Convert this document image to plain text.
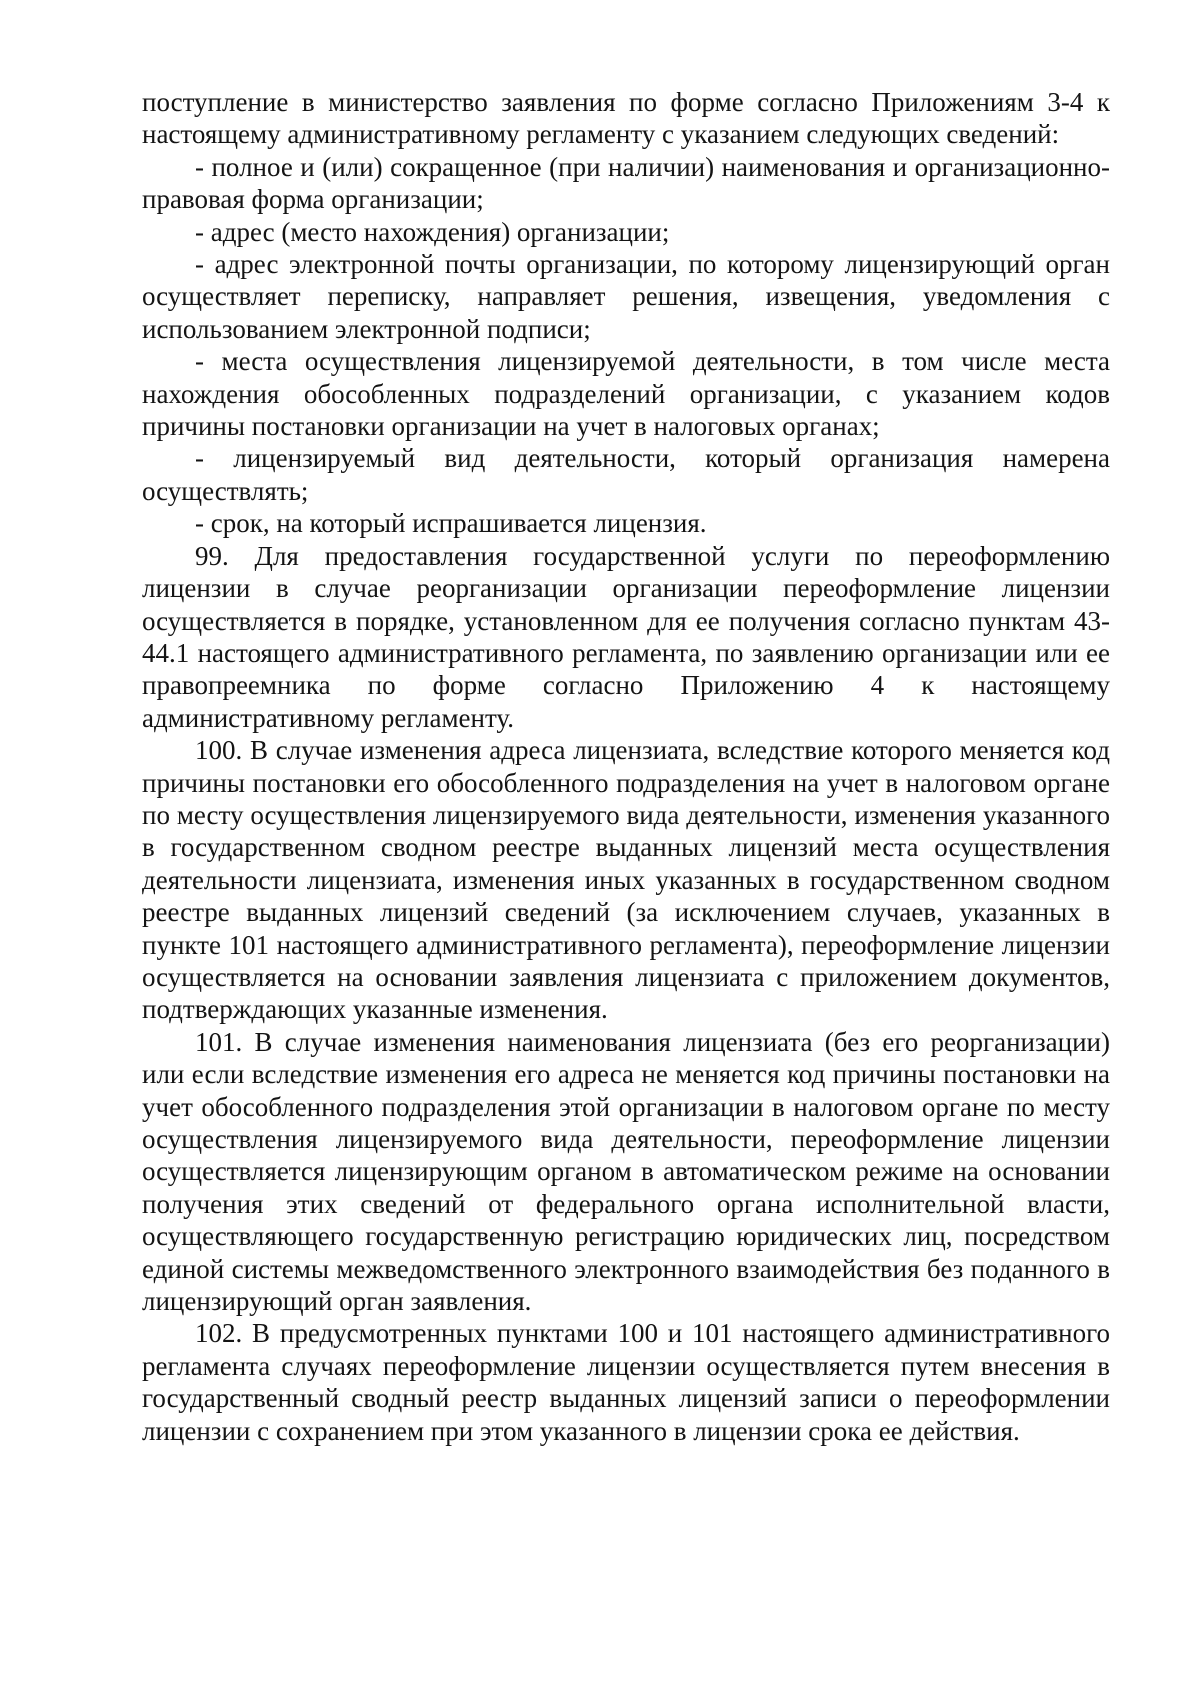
поступление в министерство заявления по форме согласно Приложениям 3-4 к настоящему административному регламенту с указанием следующих сведений:

- полное и (или) сокращенное (при наличии) наименования и организационно-правовая форма организации;

- адрес (место нахождения) организации;

- адрес электронной почты организации, по которому лицензирующий орган осуществляет переписку, направляет решения, извещения, уведомления с использованием электронной подписи;

- места осуществления лицензируемой деятельности, в том числе места нахождения обособленных подразделений организации, с указанием кодов причины постановки организации на учет в налоговых органах;

- лицензируемый вид деятельности, который организация намерена осуществлять;

- срок, на который испрашивается лицензия.

99. Для предоставления государственной услуги по переоформлению лицензии в случае реорганизации организации переоформление лицензии осуществляется в порядке, установленном для ее получения согласно пунктам 43-44.1 настоящего административного регламента, по заявлению организации или ее правопреемника по форме согласно Приложению 4 к настоящему административному регламенту.

100. В случае изменения адреса лицензиата, вследствие которого меняется код причины постановки его обособленного подразделения на учет в налоговом органе по месту осуществления лицензируемого вида деятельности, изменения указанного в государственном сводном реестре выданных лицензий места осуществления деятельности лицензиата, изменения иных указанных в государственном сводном реестре выданных лицензий сведений (за исключением случаев, указанных в пункте 101 настоящего административного регламента), переоформление лицензии осуществляется на основании заявления лицензиата с приложением документов, подтверждающих указанные изменения.

101. В случае изменения наименования лицензиата (без его реорганизации) или если вследствие изменения его адреса не меняется код причины постановки на учет обособленного подразделения этой организации в налоговом органе по месту осуществления лицензируемого вида деятельности, переоформление лицензии осуществляется лицензирующим органом в автоматическом режиме на основании получения этих сведений от федерального органа исполнительной власти, осуществляющего государственную регистрацию юридических лиц, посредством единой системы межведомственного электронного взаимодействия без поданного в лицензирующий орган заявления.

102. В предусмотренных пунктами 100 и 101 настоящего административного регламента случаях переоформление лицензии осуществляется путем внесения в государственный сводный реестр выданных лицензий записи о переоформлении лицензии с сохранением при этом указанного в лицензии срока ее действия.
